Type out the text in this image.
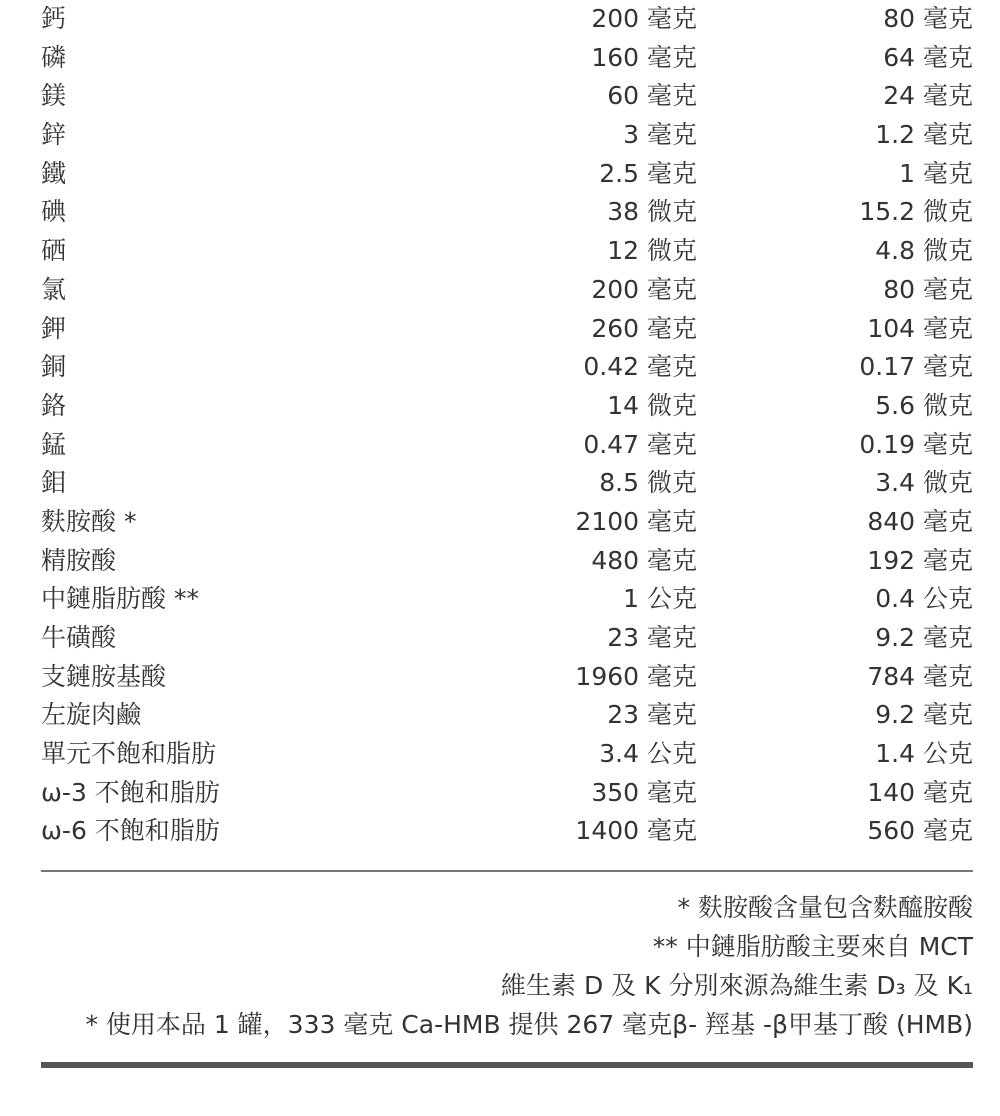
鈣	200 毫克	80 毫克
磷	160 毫克	64 毫克
鎂	60 毫克	24 毫克
鋅	3 毫克	1.2 毫克
鐵	2.5 毫克	1 毫克
碘	38 微克	15.2 微克
硒	12 微克	4.8 微克
氯	200 毫克	80 毫克
鉀	260 毫克	104 毫克
銅	0.42 毫克	0.17 毫克
鉻	14 微克	5.6 微克
錳	0.47 毫克	0.19 毫克
鉬	8.5 微克	3.4 微克
麩胺酸 *	2100 毫克	840 毫克
精胺酸	480 毫克	192 毫克
中鏈脂肪酸 **	1 公克	0.4 公克
牛磺酸	23 毫克	9.2 毫克
支鏈胺基酸	1960 毫克	784 毫克
左旋肉鹼	23 毫克	9.2 毫克
單元不飽和脂肪	3.4 公克	1.4 公克
ω-3 不飽和脂肪	350 毫克	140 毫克
ω-6 不飽和脂肪	1400 毫克	560 毫克
* 麩胺酸含量包含麩醯胺酸
** 中鏈脂肪酸主要來自 MCT
維生素 D 及 K 分別來源為維生素 D₃ 及 K₁
* 使用本品 1 罐，333 毫克 Ca-HMB 提供 267 毫克β- 羥基 -β甲基丁酸 (HMB)
